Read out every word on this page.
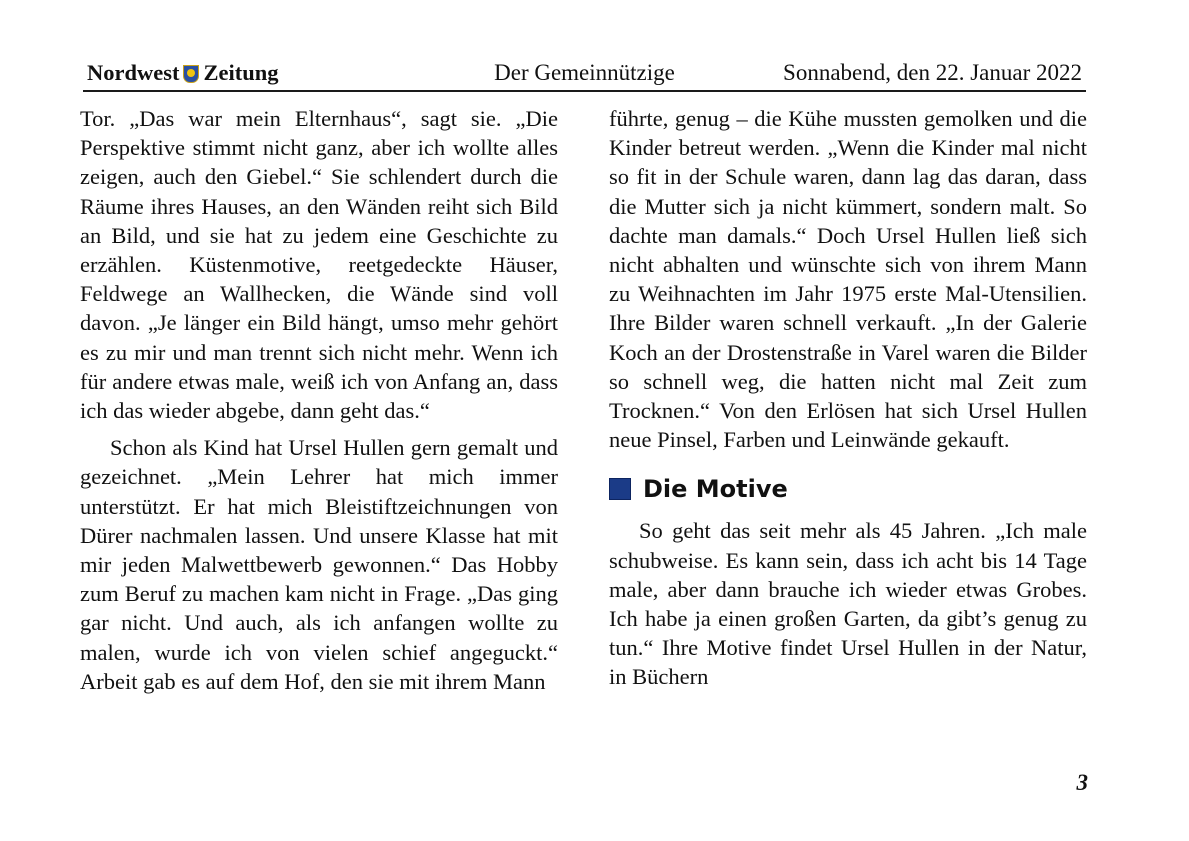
Nordwest Zeitung	Der Gemeinnützige	Sonnabend, den 22. Januar 2022

Tor. „Das war mein Elternhaus“, sagt sie. „Die Perspektive stimmt nicht ganz, aber ich wollte alles zeigen, auch den Giebel.“ Sie schlendert durch die Räume ihres Hauses, an den Wänden reiht sich Bild an Bild, und sie hat zu jedem eine Geschichte zu erzählen. Küstenmotive, reetgedeckte Häuser, Feldwege an Wallhecken, die Wände sind voll davon. „Je länger ein Bild hängt, umso mehr gehört es zu mir und man trennt sich nicht mehr. Wenn ich für andere etwas male, weiß ich von Anfang an, dass ich das wieder abgebe, dann geht das.“

Schon als Kind hat Ursel Hullen gern gemalt und gezeichnet. „Mein Lehrer hat mich immer unterstützt. Er hat mich Bleistiftzeichnungen von Dürer nachmalen lassen. Und unsere Klasse hat mit mir jeden Malwettbewerb gewonnen.“ Das Hobby zum Beruf zu machen kam nicht in Frage. „Das ging gar nicht. Und auch, als ich anfangen wollte zu malen, wurde ich von vielen schief angeguckt.“ Arbeit gab es auf dem Hof, den sie mit ihrem Mann

führte, genug – die Kühe mussten gemolken und die Kinder betreut werden. „Wenn die Kinder mal nicht so fit in der Schule waren, dann lag das daran, dass die Mutter sich ja nicht kümmert, sondern malt. So dachte man damals.“ Doch Ursel Hullen ließ sich nicht abhalten und wünschte sich von ihrem Mann zu Weihnachten im Jahr 1975 erste Mal-Utensilien. Ihre Bilder waren schnell verkauft. „In der Galerie Koch an der Drostenstraße in Varel waren die Bilder so schnell weg, die hatten nicht mal Zeit zum Trocknen.“ Von den Erlösen hat sich Ursel Hullen neue Pinsel, Farben und Leinwände gekauft.

Die Motive

So geht das seit mehr als 45 Jahren. „Ich male schubweise. Es kann sein, dass ich acht bis 14 Tage male, aber dann brauche ich wieder etwas Grobes. Ich habe ja einen großen Garten, da gibt’s genug zu tun.“ Ihre Motive findet Ursel Hullen in der Natur, in Büchern

3
